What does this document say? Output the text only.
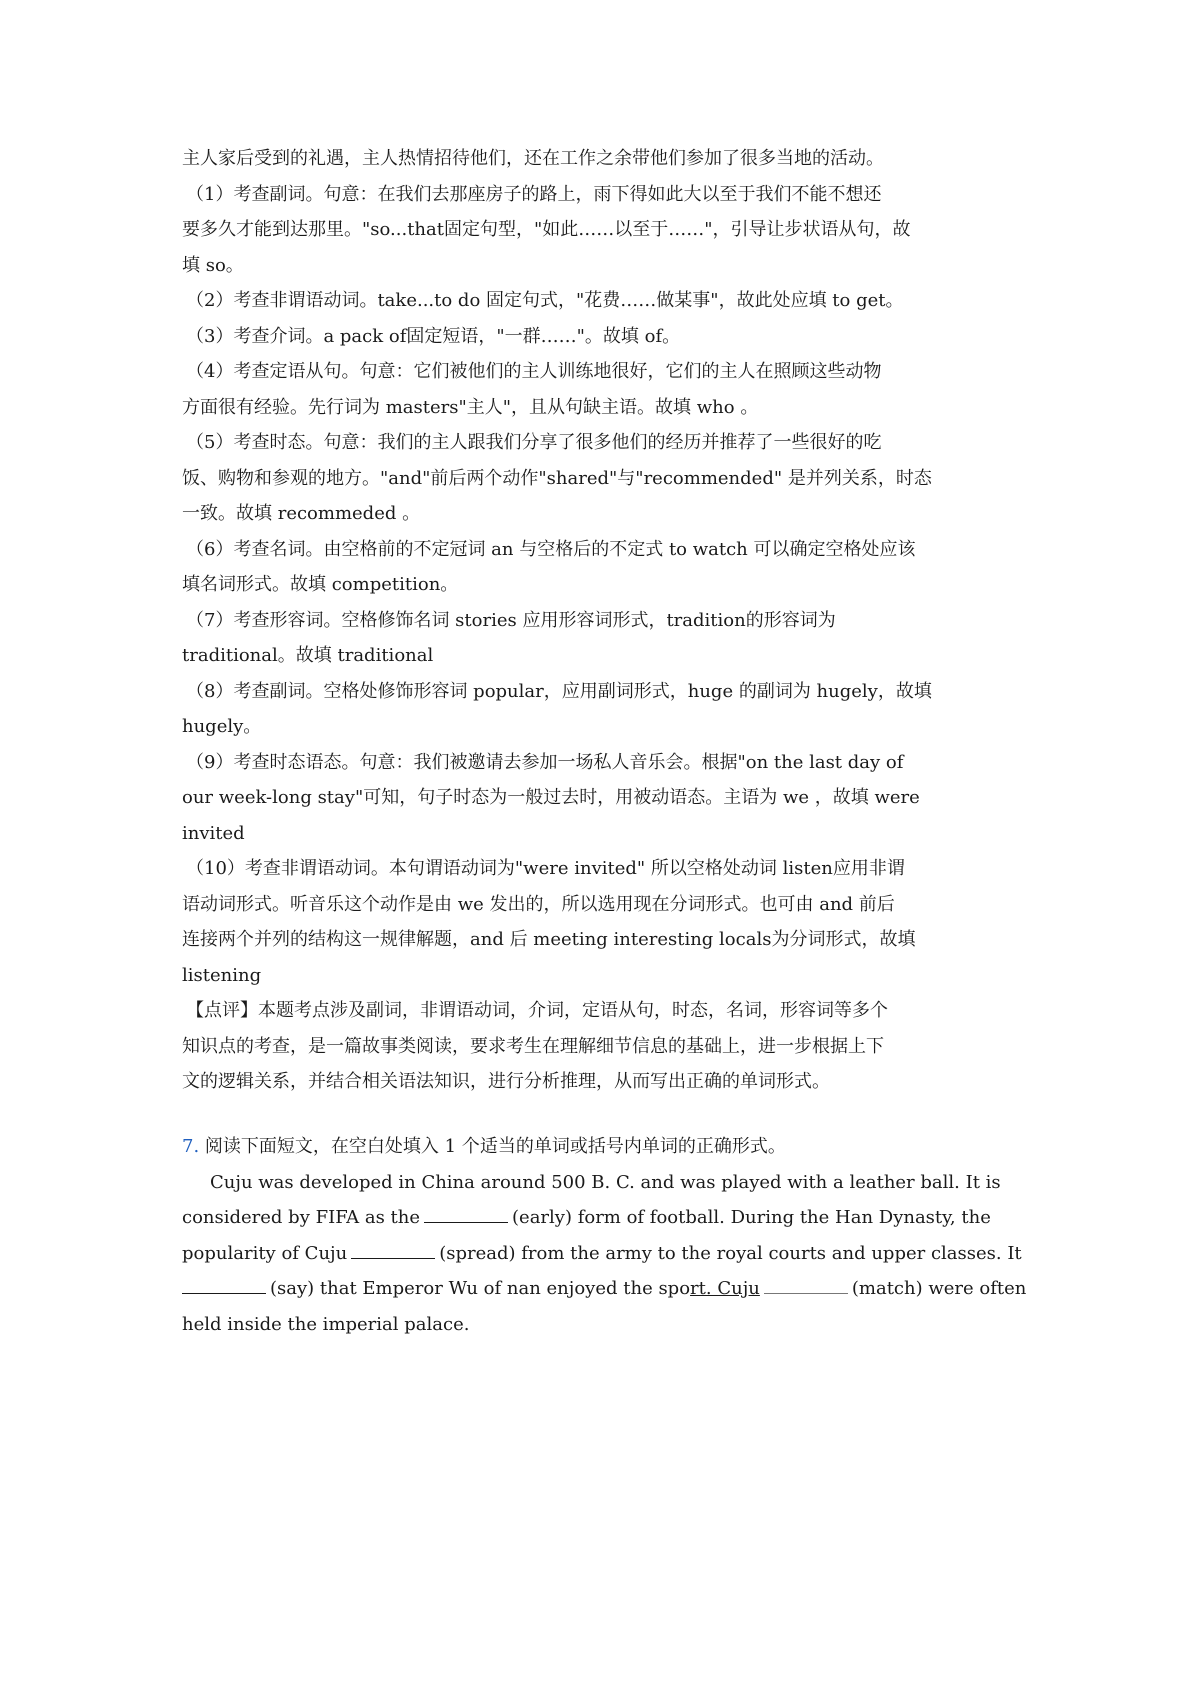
主人家后受到的礼遇，主人热情招待他们，还在工作之余带他们参加了很多当地的活动。
（1）考查副词。句意：在我们去那座房子的路上，雨下得如此大以至于我们不能不想还
要多久才能到达那里。"so...that固定句型，"如此……以至于……"，引导让步状语从句，故
填 so。
（2）考查非谓语动词。take...to do 固定句式，"花费……做某事"，故此处应填 to get。
（3）考查介词。a pack of固定短语，"一群……"。故填 of。
（4）考查定语从句。句意：它们被他们的主人训练地很好，它们的主人在照顾这些动物
方面很有经验。先行词为 masters"主人"，且从句缺主语。故填 who 。
（5）考查时态。句意：我们的主人跟我们分享了很多他们的经历并推荐了一些很好的吃
饭、购物和参观的地方。"and"前后两个动作"shared"与"recommended" 是并列关系，时态
一致。故填 recommeded 。
（6）考查名词。由空格前的不定冠词 an 与空格后的不定式 to watch 可以确定空格处应该
填名词形式。故填 competition。
（7）考查形容词。空格修饰名词 stories 应用形容词形式，tradition的形容词为
traditional。故填 traditional
（8）考查副词。空格处修饰形容词 popular，应用副词形式，huge 的副词为 hugely，故填
hugely。
（9）考查时态语态。句意：我们被邀请去参加一场私人音乐会。根据"on the last day of
our week-long stay"可知，句子时态为一般过去时，用被动语态。主语为 we ，故填 were
invited
（10）考查非谓语动词。本句谓语动词为"were invited" 所以空格处动词 listen应用非谓
语动词形式。听音乐这个动作是由 we 发出的，所以选用现在分词形式。也可由 and 前后
连接两个并列的结构这一规律解题，and 后 meeting interesting locals为分词形式，故填
listening
【点评】本题考点涉及副词，非谓语动词，介词，定语从句，时态，名词，形容词等多个
知识点的考查，是一篇故事类阅读，要求考生在理解细节信息的基础上，进一步根据上下
文的逻辑关系，并结合相关语法知识，进行分析推理，从而写出正确的单词形式。
7. 阅读下面短文，在空白处填入 1 个适当的单词或括号内单词的正确形式。
Cuju was developed in China around 500 B. C. and was played with a leather ball. It is
considered by FIFA as the	(early) form of football. During the Han Dynasty, the
popularity of Cuju	(spread) from the army to the royal courts and upper classes. It
(say) that Emperor Wu of nan enjoyed the sport. Cuju	(match) were often
held inside the imperial palace.
